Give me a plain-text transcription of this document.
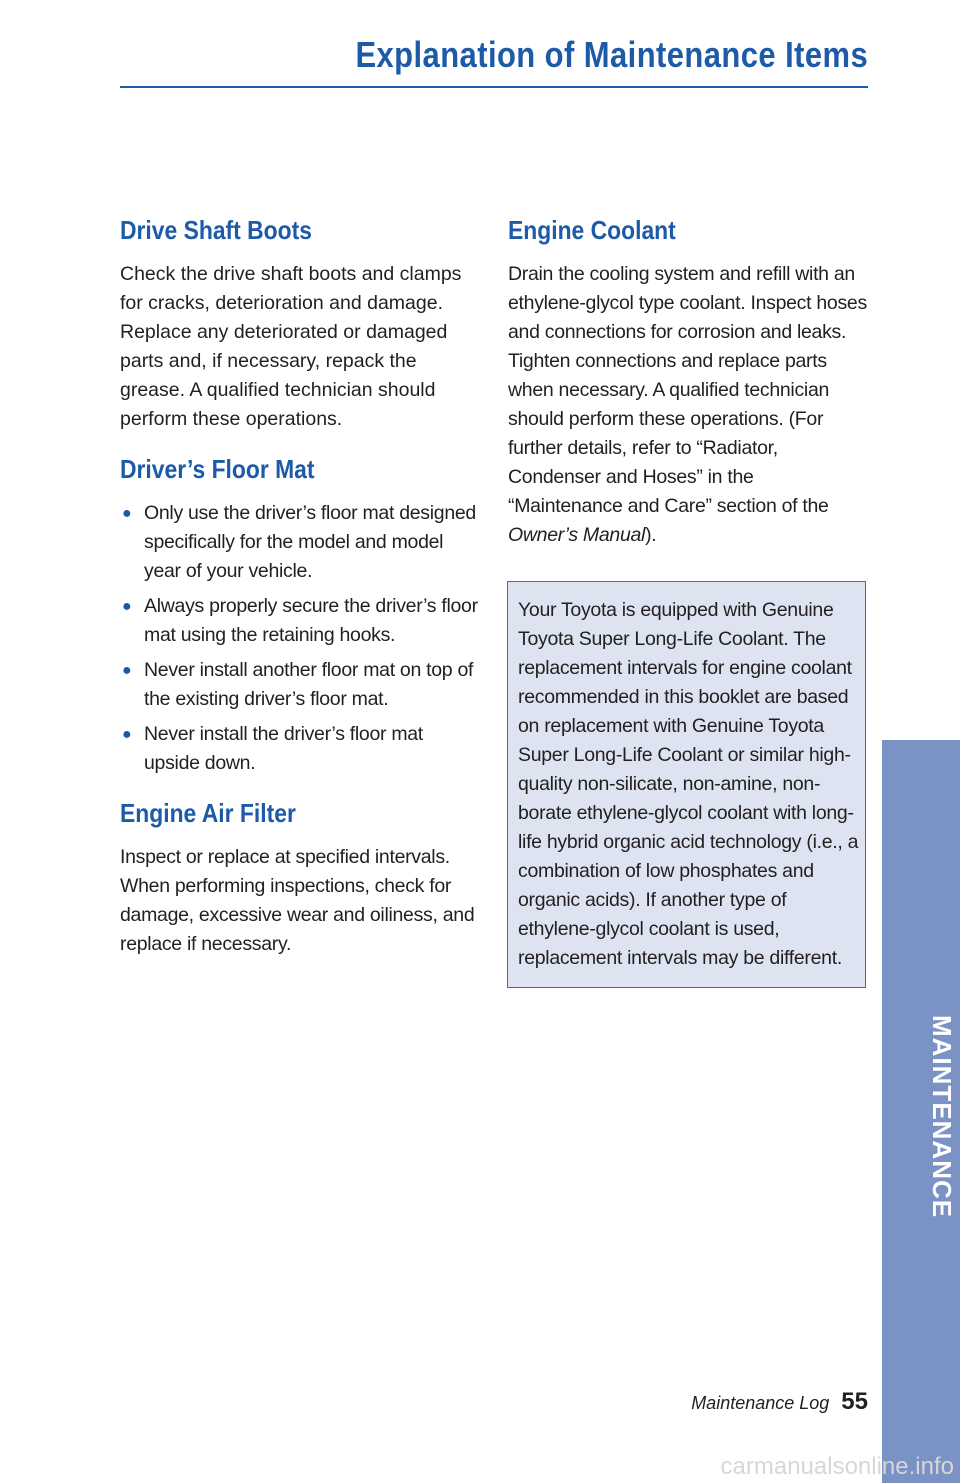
Explanation of Maintenance Items
Drive Shaft Boots

Check the drive shaft boots and clamps for cracks, deterioration and damage. Replace any deteriorated or damaged parts and, if necessary, repack the grease. A qualified technician should perform these operations.

Driver’s Floor Mat
● Only use the driver’s floor mat designed specifically for the model and model year of your vehicle.
● Always properly secure the driver’s floor mat using the retaining hooks.
● Never install another floor mat on top of the existing driver’s floor mat.
● Never install the driver’s floor mat upside down.
Engine Air Filter

Inspect or replace at specified intervals. When performing inspections, check for damage, excessive wear and oiliness, and replace if necessary.

Engine Coolant

Drain the cooling system and refill with an ethylene-glycol type coolant. Inspect hoses and connections for corrosion and leaks. Tighten connections and replace parts when necessary. A qualified technician should perform these operations. (For further details, refer to “Radiator, Condenser and Hoses” in the “Maintenance and Care” section of the Owner’s Manual).

Your Toyota is equipped with Genuine Toyota Super Long-Life Coolant. The replacement intervals for engine coolant recommended in this booklet are based on replacement with Genuine Toyota Super Long-Life Coolant or similar high-quality non-silicate, non-amine, non-borate ethylene-glycol coolant with long-life hybrid organic acid technology (i.e., a combination of low phosphates and organic acids). If another type of ethylene-glycol coolant is used, replacement intervals may be different.

MAINTENANCE
Maintenance Log 55
carmanualsonline.info
